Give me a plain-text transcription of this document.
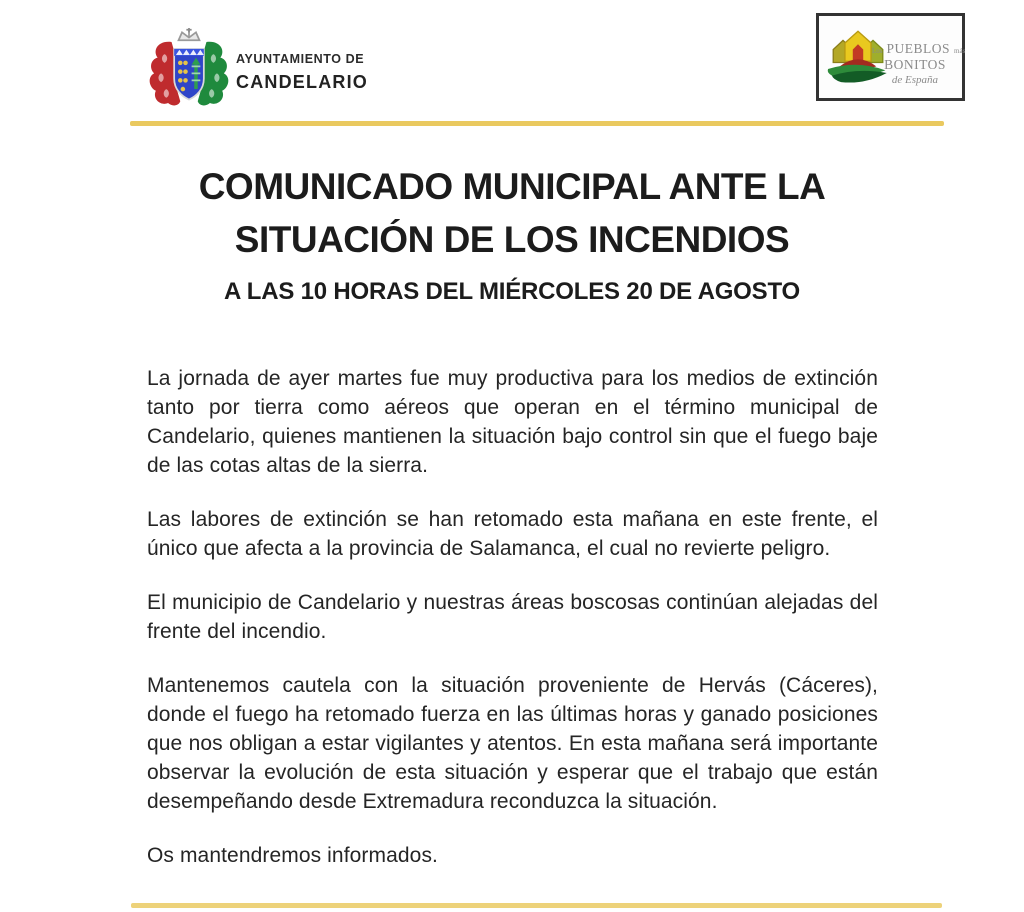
AYUNTAMIENTO DE
CANDELARIO
Los PUEBLOS más
BONITOS
de España
COMUNICADO MUNICIPAL ANTE LA
SITUACIÓN DE LOS INCENDIOS
A LAS 10 HORAS DEL MIÉRCOLES 20 DE AGOSTO

La jornada de ayer martes fue muy productiva para los medios de extinción tanto por tierra como aéreos que operan en el término municipal de Candelario, quienes mantienen la situación bajo control sin que el fuego baje de las cotas altas de la sierra.

Las labores de extinción se han retomado esta mañana en este frente, el único que afecta a la provincia de Salamanca, el cual no revierte peligro.

El municipio de Candelario y nuestras áreas boscosas continúan alejadas del frente del incendio.

Mantenemos cautela con la situación proveniente de Hervás (Cáceres), donde el fuego ha retomado fuerza en las últimas horas y ganado posiciones que nos obligan a estar vigilantes y atentos. En esta mañana será importante observar la evolución de esta situación y esperar que el trabajo que están desempeñando desde Extremadura reconduzca la situación.

Os mantendremos informados.
